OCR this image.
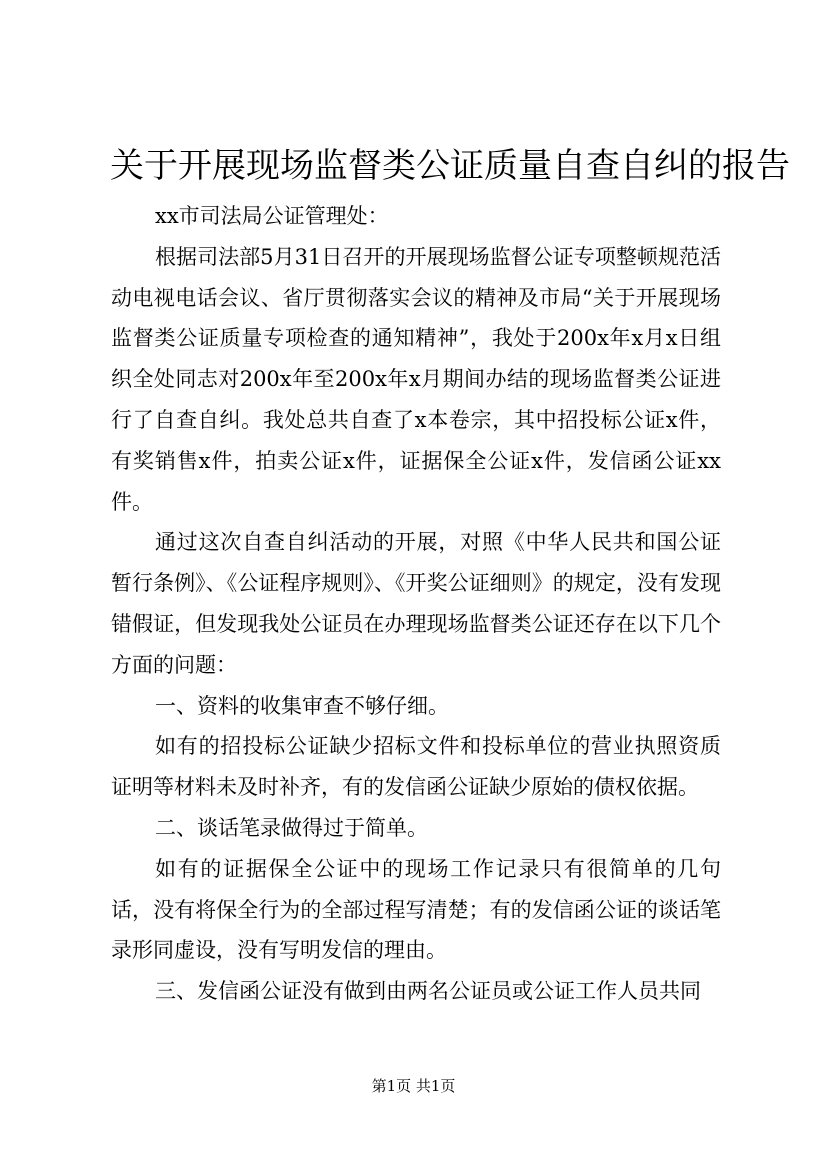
关于开展现场监督类公证质量自查自纠的报告

xx市司法局公证管理处：

根据司法部5月31日召开的开展现场监督公证专项整顿规范活动电视电话会议、省厅贯彻落实会议的精神及市局“关于开展现场监督类公证质量专项检查的通知精神”，我处于200x年x月x日组织全处同志对200x年至200x年x月期间办结的现场监督类公证进行了自查自纠。我处总共自查了x本卷宗，其中招投标公证x件，有奖销售x件，拍卖公证x件，证据保全公证x件，发信函公证xx件。

通过这次自查自纠活动的开展，对照《中华人民共和国公证暂行条例》、《公证程序规则》、《开奖公证细则》的规定，没有发现错假证，但发现我处公证员在办理现场监督类公证还存在以下几个方面的问题：

一、资料的收集审查不够仔细。

如有的招投标公证缺少招标文件和投标单位的营业执照资质证明等材料未及时补齐，有的发信函公证缺少原始的债权依据。

二、谈话笔录做得过于简单。

如有的证据保全公证中的现场工作记录只有很简单的几句话，没有将保全行为的全部过程写清楚；有的发信函公证的谈话笔录形同虚设，没有写明发信的理由。

三、发信函公证没有做到由两名公证员或公证工作人员共同

第1页 共1页
